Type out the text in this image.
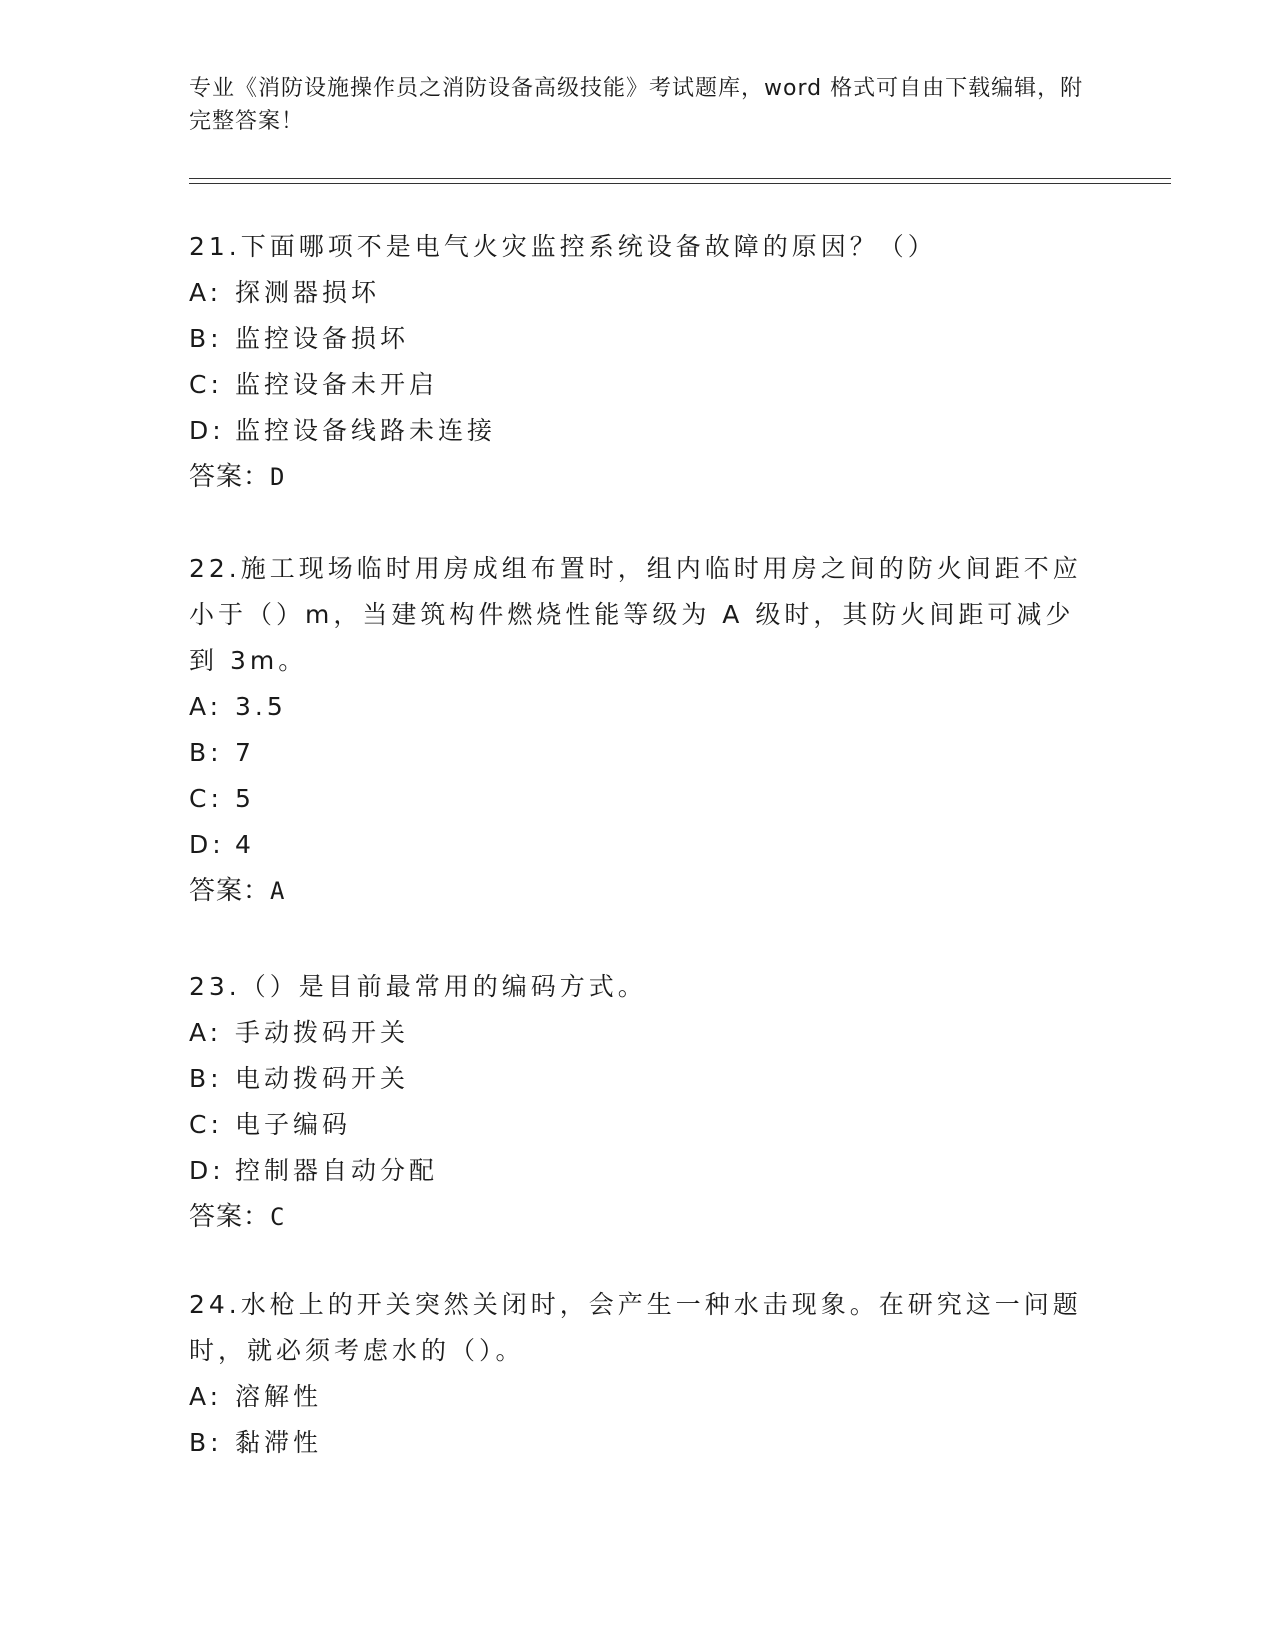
专业《消防设施操作员之消防设备高级技能》考试题库，word 格式可自由下载编辑，附完整答案！
21.下面哪项不是电气火灾监控系统设备故障的原因？（）
A: 探测器损坏
B: 监控设备损坏
C: 监控设备未开启
D: 监控设备线路未连接
答案：D
22.施工现场临时用房成组布置时，组内临时用房之间的防火间距不应小于（）m，当建筑构件燃烧性能等级为 A 级时，其防火间距可减少到 3m。
A: 3.5
B: 7
C: 5
D: 4
答案：A
23.（）是目前最常用的编码方式。
A: 手动拨码开关
B: 电动拨码开关
C: 电子编码
D: 控制器自动分配
答案：C
24.水枪上的开关突然关闭时，会产生一种水击现象。在研究这一问题时，就必须考虑水的（）。
A: 溶解性
B: 黏滞性
